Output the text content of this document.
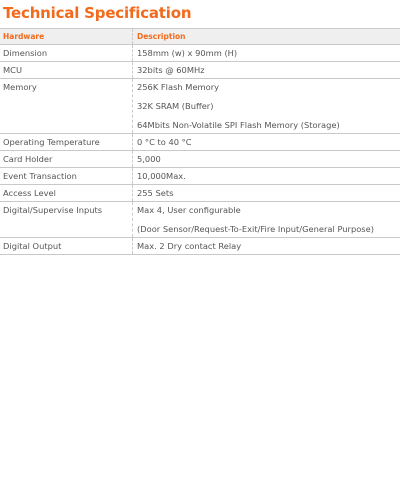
Technical Specification
Hardware	Description
Dimension	158mm (w) x 90mm (H)
MCU	32bits @ 60MHz
Memory	256K Flash Memory
32K SRAM (Buffer)
64Mbits Non-Volatile SPI Flash Memory (Storage)
Operating Temperature	0 °C to 40 °C
Card Holder	5,000
Event Transaction	10,000Max.
Access Level	255 Sets
Digital/Supervise Inputs	Max 4, User configurable
(Door Sensor/Request-To-Exit/Fire Input/General Purpose)
Digital Output	Max. 2 Dry contact Relay
